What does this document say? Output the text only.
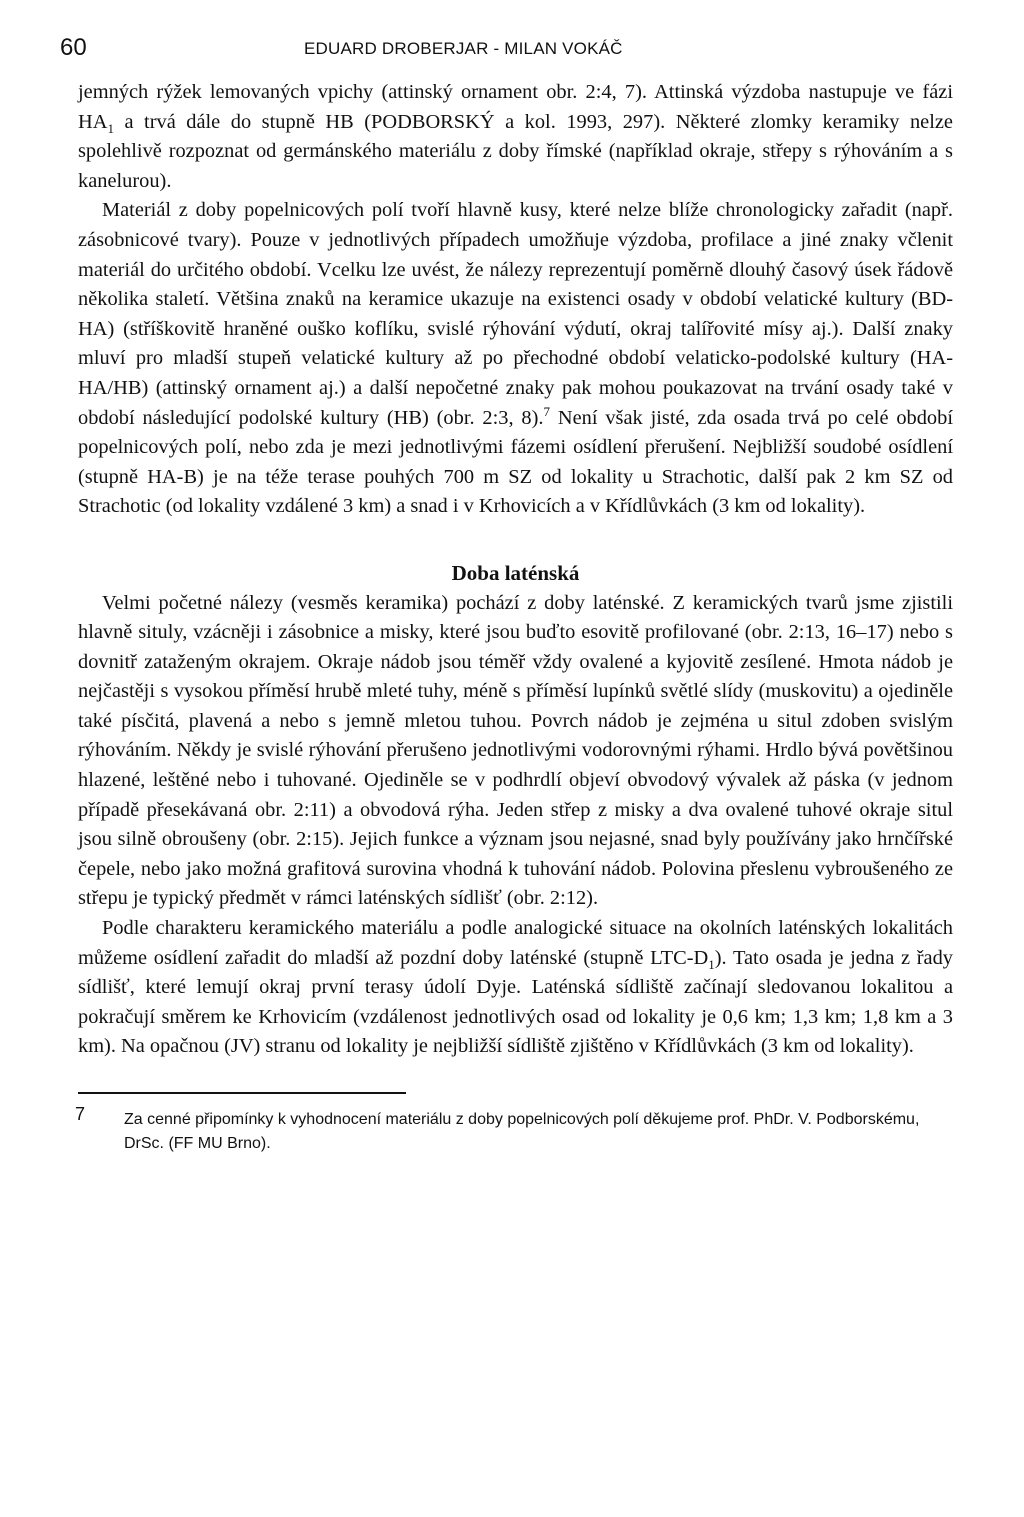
60	EDUARD DROBERJAR - MILAN VOKÁČ

jemných rýžek lemovaných vpichy (attinský ornament obr. 2:4, 7). Attinská výzdoba nastupuje ve fázi $HA_1$ a trvá dále do stupně HB (PODBORSKÝ a kol. 1993, 297). Některé zlomky keramiky nelze spolehlivě rozpoznat od germánského materiálu z doby římské (například okraje, střepy s rýhováním a s kanelurou).

Materiál z doby popelnicových polí tvoří hlavně kusy, které nelze blíže chronologicky zařadit (např. zásobnicové tvary). Pouze v jednotlivých případech umožňuje výzdoba, profilace a jiné znaky včlenit materiál do určitého období. Vcelku lze uvést, že nálezy reprezentují poměrně dlouhý časový úsek řádově několika staletí. Většina znaků na keramice ukazuje na existenci osady v období velatické kultury (BD-HA) (stříškovitě hraněné ouško koflíku, svislé rýhování výdutí, okraj talířovité mísy aj.). Další znaky mluví pro mladší stupeň velatické kultury až po přechodné období velaticko-podolské kultury (HA-HA/HB) (attinský ornament aj.) a další nepočetné znaky pak mohou poukazovat na trvání osady také v období následující podolské kultury (HB) (obr. 2:3, 8).$^7$ Není však jisté, zda osada trvá po celé období popelnicových polí, nebo zda je mezi jednotlivými fázemi osídlení přerušení. Nejbližší soudobé osídlení (stupně HA-B) je na téže terase pouhých 700 m SZ od lokality u Strachotic, další pak 2 km SZ od Strachotic (od lokality vzdálené 3 km) a snad i v Krhovicích a v Křídlůvkách (3 km od lokality).

Doba laténská

Velmi početné nálezy (vesměs keramika) pochází z doby laténské. Z keramických tvarů jsme zjistili hlavně situly, vzácněji i zásobnice a misky, které jsou buďto esovitě profilované (obr. 2:13, 16–17) nebo s dovnitř zataženým okrajem. Okraje nádob jsou téměř vždy ovalené a kyjovitě zesílené. Hmota nádob je nejčastěji s vysokou příměsí hrubě mleté tuhy, méně s příměsí lupínků světlé slídy (muskovitu) a ojediněle také písčitá, plavená a nebo s jemně mletou tuhou. Povrch nádob je zejména u situl zdoben svislým rýhováním. Někdy je svislé rýhování přerušeno jednotlivými vodorovnými rýhami. Hrdlo bývá povětšinou hlazené, leštěné nebo i tuhované. Ojediněle se v podhrdlí objeví obvodový vývalek až páska (v jednom případě přesekávaná obr. 2:11) a obvodová rýha. Jeden střep z misky a dva ovalené tuhové okraje situl jsou silně obroušeny (obr. 2:15). Jejich funkce a význam jsou nejasné, snad byly používány jako hrnčířské čepele, nebo jako možná grafitová surovina vhodná k tuhování nádob. Polovina přeslenu vybroušeného ze střepu je typický předmět v rámci laténských sídlišť (obr. 2:12).

Podle charakteru keramického materiálu a podle analogické situace na okolních laténských lokalitách můžeme osídlení zařadit do mladší až pozdní doby laténské (stupně LTC-$D_1$). Tato osada je jedna z řady sídlišť, které lemují okraj první terasy údolí Dyje. Laténská sídliště začínají sledovanou lokalitou a pokračují směrem ke Krhovicím (vzdálenost jednotlivých osad od lokality je 0,6 km; 1,3 km; 1,8 km a 3 km). Na opačnou (JV) stranu od lokality je nejbližší sídliště zjištěno v Křídlůvkách (3 km od lokality).

7 Za cenné připomínky k vyhodnocení materiálu z doby popelnicových polí děkujeme prof. PhDr. V. Podborskému, DrSc. (FF MU Brno).
